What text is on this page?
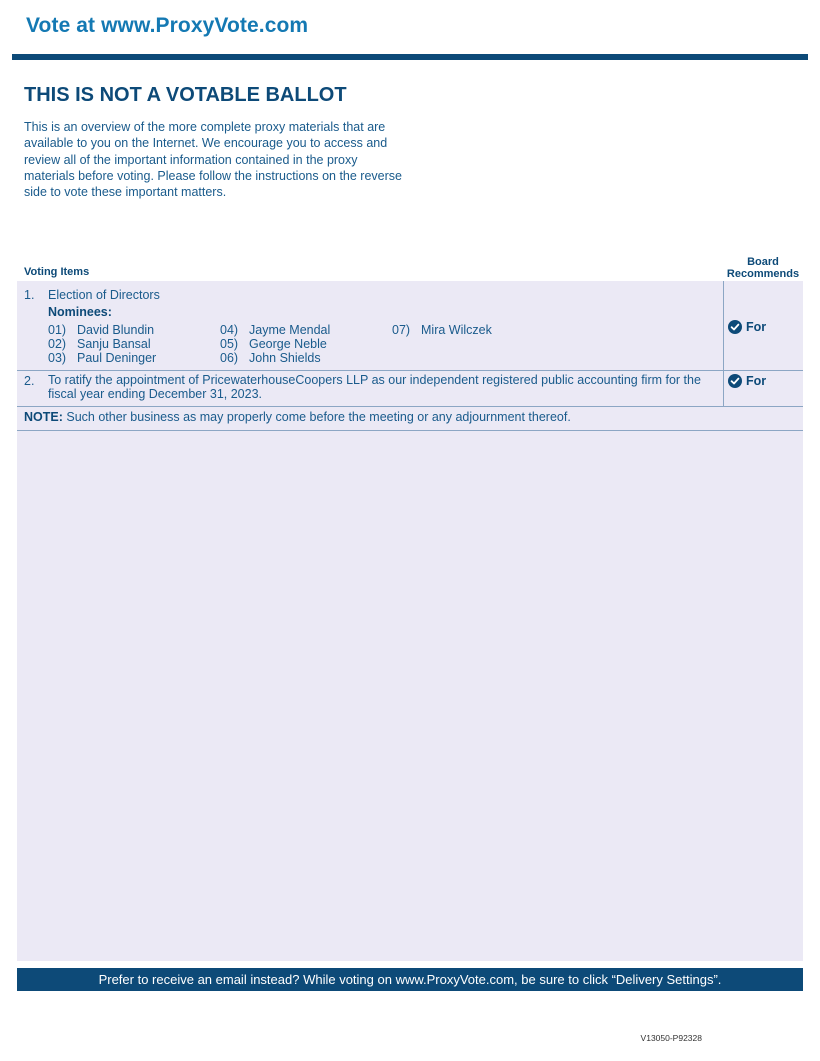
Vote at www.ProxyVote.com
THIS IS NOT A VOTABLE BALLOT
This is an overview of the more complete proxy materials that are available to you on the Internet. We encourage you to access and review all of the important information contained in the proxy materials before voting. Please follow the instructions on the reverse side to vote these important matters.
Voting Items
Board
Recommends
1. Election of Directors
Nominees:
01) David Blundin
02) Sanju Bansal
03) Paul Deninger
04) Jayme Mendal
05) George Neble
06) John Shields
07) Mira Wilczek	For
2. To ratify the appointment of PricewaterhouseCoopers LLP as our independent registered public accounting firm for the
fiscal year ending December 31, 2023.
For
NOTE: Such other business as may properly come before the meeting or any adjournment thereof.
Prefer to receive an email instead? While voting on www.ProxyVote.com, be sure to click “Delivery Settings”.
V13050-P92328
